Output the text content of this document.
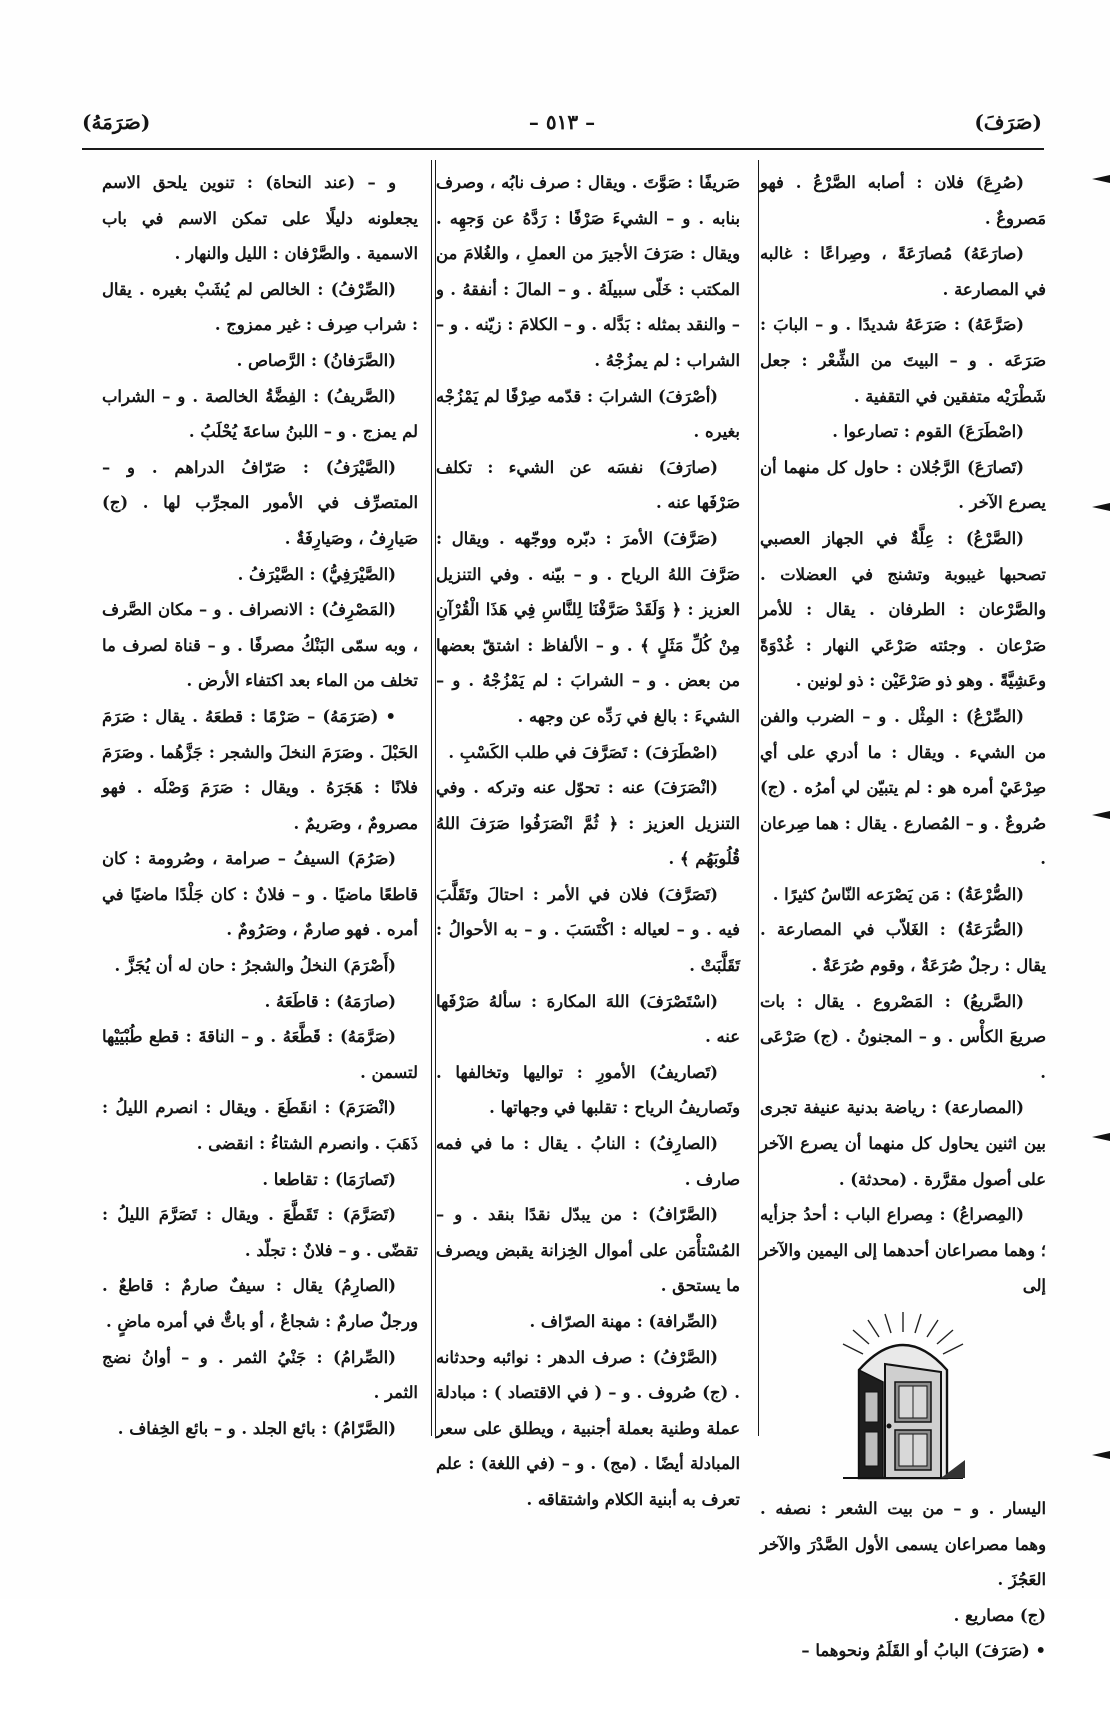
(صَرَفَ)
– ٥١٣ –
(صَرَمَهُ)

(صُرِعَ) فلان : أصابه الصَّرْعُ . فهو مَصروعٌ .

(صارَعَهُ) مُصارَعَةً ، وصِراعًا : غالبه في المصارعة .

(صَرَّعَهُ) : صَرَعَهُ شديدًا . و – البابَ : صَرَعَه . و – البيتَ من الشِّعْر : جعل شَطْرَيْه متفقين في التقفية .

(اصْطَرَعَ) القوم : تصارعوا .

(تَصارَعَ) الرَّجُلان : حاول كل منهما أن يصرع الآخر .

(الصَّرْعُ) : عِلَّةٌ في الجهاز العصبي تصحبها غيبوبة وتشنج في العضلات . والصَّرْعان : الطرفان . يقال : للأمر صَرْعان . وجئته صَرْعَي النهار : غُدْوَةً وعَشِيَّةً . وهو ذو صَرْعَيْن : ذو لونين .

(الصِّرْعُ) : المِثْل . و – الضرب والفن من الشيء . ويقال : ما أدري على أي صِرْعَيْ أمره هو : لم يتبيّن لي أمرُه . (ج) صُروعٌ . و – المُصارع . يقال : هما صِرعان .

(الصُّرْعَةُ) : مَن يَصْرَعه النّاسُ كثيرًا .

(الصُّرَعَةُ) : الغَلاّب في المصارعة . يقال : رجلٌ صُرَعَةٌ ، وقوم صُرَعَةٌ .

(الصَّريعُ) : المَصْروع . يقال : بات صريعَ الكأْس . و – المجنونُ . (ج) صَرْعَى .

(المصارعة) : رياضة بدنية عنيفة تجرى بين اثنين يحاول كل منهما أن يصرع الآخر على أصول مقرَّرة . (محدثة) .

(المِصراعُ) : مِصراع الباب : أحدُ جزأيه ؛ وهما مصراعان أحدهما إلى اليمين والآخر إلى

اليسار . و – من بيت الشعر : نصفه . وهما مصراعان يسمى الأول الصَّدْرَ والآخر العَجُزَ .

(ج) مصاريع .

• (صَرَفَ) البابُ أو القَلَمُ ونحوهما –

صَريفًا : صَوَّتَ . ويقال : صرف نابُه ، وصرف بنابه . و – الشيءَ صَرْفًا : رَدَّهُ عن وَجهِه . ويقال : صَرَفَ الأجيرَ من العملِ ، والغُلامَ من المكتب : خَلّى سبيلَهُ . و – المالَ : أنفقهُ . و – والنقد بمثله : بَدَّله . و – الكلامَ : زيّنه . و – الشراب : لم يمزُجْهُ .

(أصْرَفَ) الشرابَ : قدّمه صِرْفًا لم يَمْزُجْه بغيره .

(صارَفَ) نفسَه عن الشيء : تكلف صَرْفَها عنه .

(صَرَّفَ) الأمرَ : دبّره ووجّهه . ويقال : صَرَّفَ اللهُ الرياح . و – بيّنه . وفي التنزيل العزيز : ﴿ وَلَقَدْ صَرَّفْنَا لِلنَّاسِ فِي هَذَا الْقُرْآنِ مِنْ كُلِّ مَثَلٍ ﴾ . و – الألفاظ : اشتقّ بعضها من بعض . و – الشرابَ : لم يَمْزُجْهُ . و – الشيءَ : بالغ في رَدِّه عن وجهه .

(اصْطَرَفَ) : تَصَرَّفَ في طلب الكَسْبِ .

(انْصَرَفَ) عنه : تحوّل عنه وتركه . وفي التنزيل العزيز : ﴿ ثُمَّ انْصَرَفُوا صَرَفَ اللهُ قُلُوبَهُم ﴾ .

(تَصَرَّفَ) فلان في الأمر : احتالَ وتَقَلَّبَ فيه . و – لعياله : اكْتَسَبَ . و – به الأحوالُ : تَقَلَّبَتْ .

(اسْتَصْرَفَ) اللهَ المكارهَ : سألهُ صَرْفَها عنه .

(تَصاريفُ) الأمورِ : تواليها وتخالفها . وتَصاريفُ الرياح : تقلبها في وجهاتها .

(الصارِفُ) : النابُ . يقال : ما في فمه صارف .

(الصَّرّافُ) : من يبدّل نقدًا بنقد . و – المُسْتأْمَن على أموال الخِزانة يقبض ويصرف ما يستحق .

(الصِّرافة) : مهنة الصرّاف .

(الصَّرْفُ) : صرف الدهر : نوائبه وحدثانه . (ج) صُروف . و – ( في الاقتصاد ) : مبادلة عملة وطنية بعملة أجنبية ، ويطلق على سعر المبادلة أيضًا . (مج) . و – (في اللغة) : علم تعرف به أبنية الكلام واشتقاقه .

و – (عند النحاة) : تنوين يلحق الاسم يجعلونه دليلًا على تمكن الاسم في باب الاسمية . والصَّرْفان : الليل والنهار .

(الصِّرْفُ) : الخالص لم يُشَبْ بغيره . يقال : شراب صِرف : غير ممزوج .

(الصَّرَفانُ) : الرَّصاص .

(الصَّريفُ) : الفِضَّةُ الخالصة . و – الشراب لم يمزج . و – اللبنُ ساعةَ يُحْلَبُ .

(الصَّيْرَفُ) : صَرّافُ الدراهم . و – المتصرِّف في الأمور المجرِّب لها . (ج) صَيارِفُ ، وصَيارِفَةٌ .

(الصَّيْرَفِيُّ) : الصَّيْرَفُ .

(المَصْرِفُ) : الانصراف . و – مكان الصَّرف ، وبه سمّى البَنْكُ مصرفًا . و – قناة لصرف ما تخلف من الماء بعد اكتفاء الأرض .

• (صَرَمَهُ) – صَرْمًا : قطعَهُ . يقال : صَرَمَ الحَبْلَ . وصَرَمَ النخلَ والشجر : جَزَّهُما . وصَرَمَ فلانًا : هَجَرَهُ . ويقال : صَرَمَ وَصْلَه . فهو مصرومٌ ، وصَريمٌ .

(صَرُمَ) السيفُ – صرامة ، وصُرومة : كان قاطعًا ماضيًا . و – فلانٌ : كان جَلْدًا ماضيًا في أمره . فهو صارمٌ ، وصَرُومٌ .

(أَصْرَمَ) النخلُ والشجرُ : حان له أن يُجَزَّ .

(صارَمَهُ) : قاطَعَهُ .

(صَرَّمَهُ) : قَطَّعَهُ . و – الناقةَ : قطع طُبْيَيْها لتسمن .

(انْصَرَمَ) : انقَطَعَ . ويقال : انصرم الليلُ : ذَهَبَ . وانصرم الشتاءُ : انقضى .

(تَصارَمَا) : تقاطعا .

(تَصَرَّمَ) : تَقَطَّعَ . ويقال : تَصَرَّمَ الليلُ : تقضّى . و – فلانٌ : تجلّد .

(الصارِمُ) يقال : سيفٌ صارمٌ : قاطعٌ . ورجلٌ صارمٌ : شجاعٌ ، أو باتٌّ في أمره ماضٍ .

(الصِّرامُ) : جَنْيُ الثمر . و – أوانُ نضج الثمر .

(الصَّرّامُ) : بائع الجلد . و – بائع الخِفاف .
